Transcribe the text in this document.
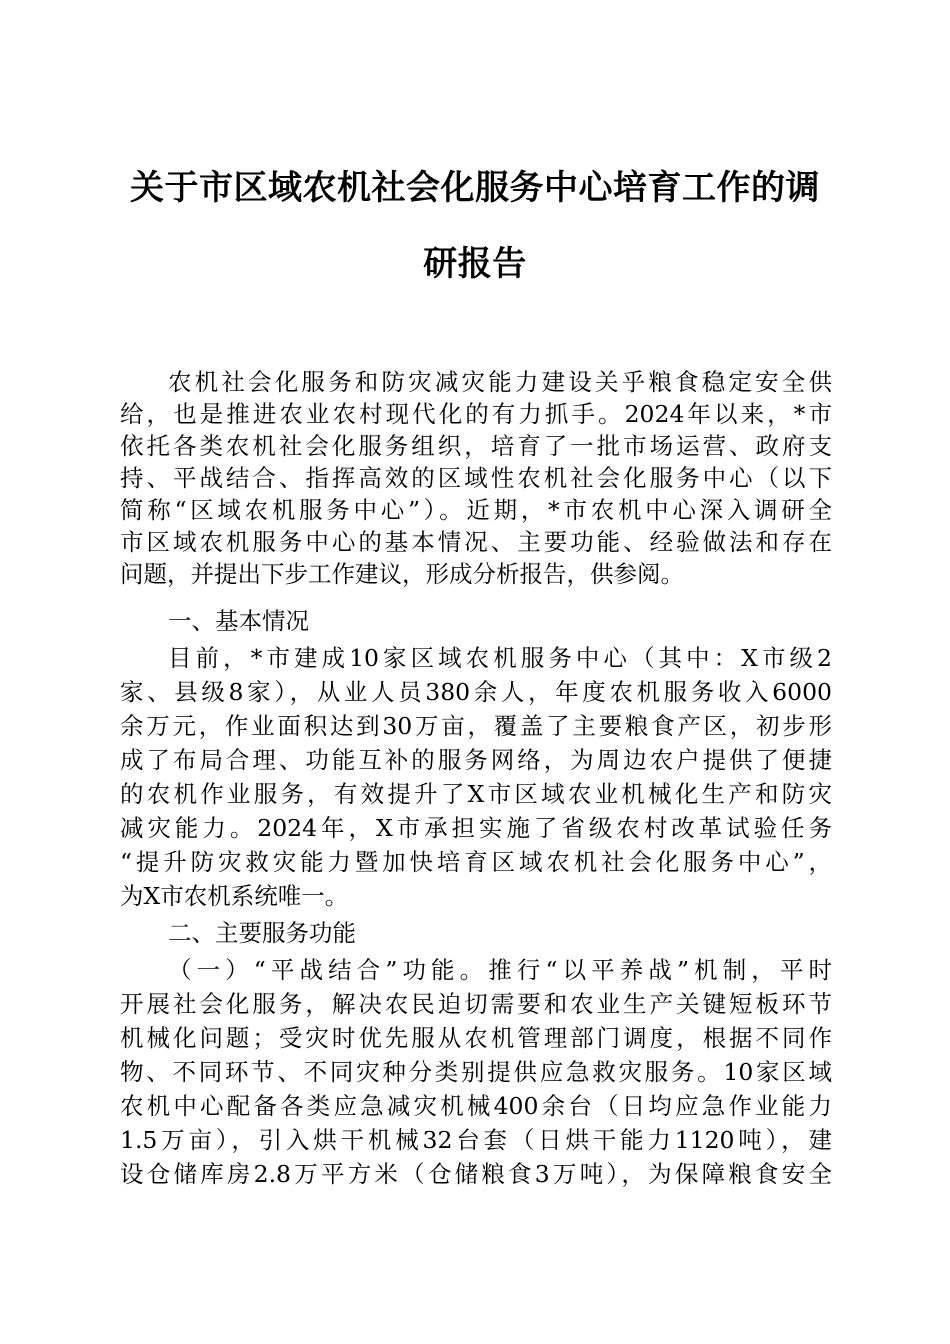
关于市区域农机社会化服务中心培育工作的调
研报告
农机社会化服务和防灾减灾能力建设关乎粮食稳定安全供
给，也是推进农业农村现代化的有力抓手。2024年以来，*市
依托各类农机社会化服务组织，培育了一批市场运营、政府支
持、平战结合、指挥高效的区域性农机社会化服务中心（以下
简称“区域农机服务中心”）。近期，*市农机中心深入调研全
市区域农机服务中心的基本情况、主要功能、经验做法和存在
问题，并提出下步工作建议，形成分析报告，供参阅。
一、基本情况
目前，*市建成10家区域农机服务中心（其中：X市级2
家、县级8家），从业人员380余人，年度农机服务收入6000
余万元，作业面积达到30万亩，覆盖了主要粮食产区，初步形
成了布局合理、功能互补的服务网络，为周边农户提供了便捷
的农机作业服务，有效提升了X市区域农业机械化生产和防灾
减灾能力。2024年，X市承担实施了省级农村改革试验任务
“提升防灾救灾能力暨加快培育区域农机社会化服务中心”，
为X市农机系统唯一。
二、主要服务功能
（一）“平战结合”功能。推行“以平养战”机制，平时
开展社会化服务，解决农民迫切需要和农业生产关键短板环节
机械化问题；受灾时优先服从农机管理部门调度，根据不同作
物、不同环节、不同灾种分类别提供应急救灾服务。10家区域
农机中心配备各类应急减灾机械400余台（日均应急作业能力
1.5万亩），引入烘干机械32台套（日烘干能力1120吨），建
设仓储库房2.8万平方米（仓储粮食3万吨），为保障粮食安全
